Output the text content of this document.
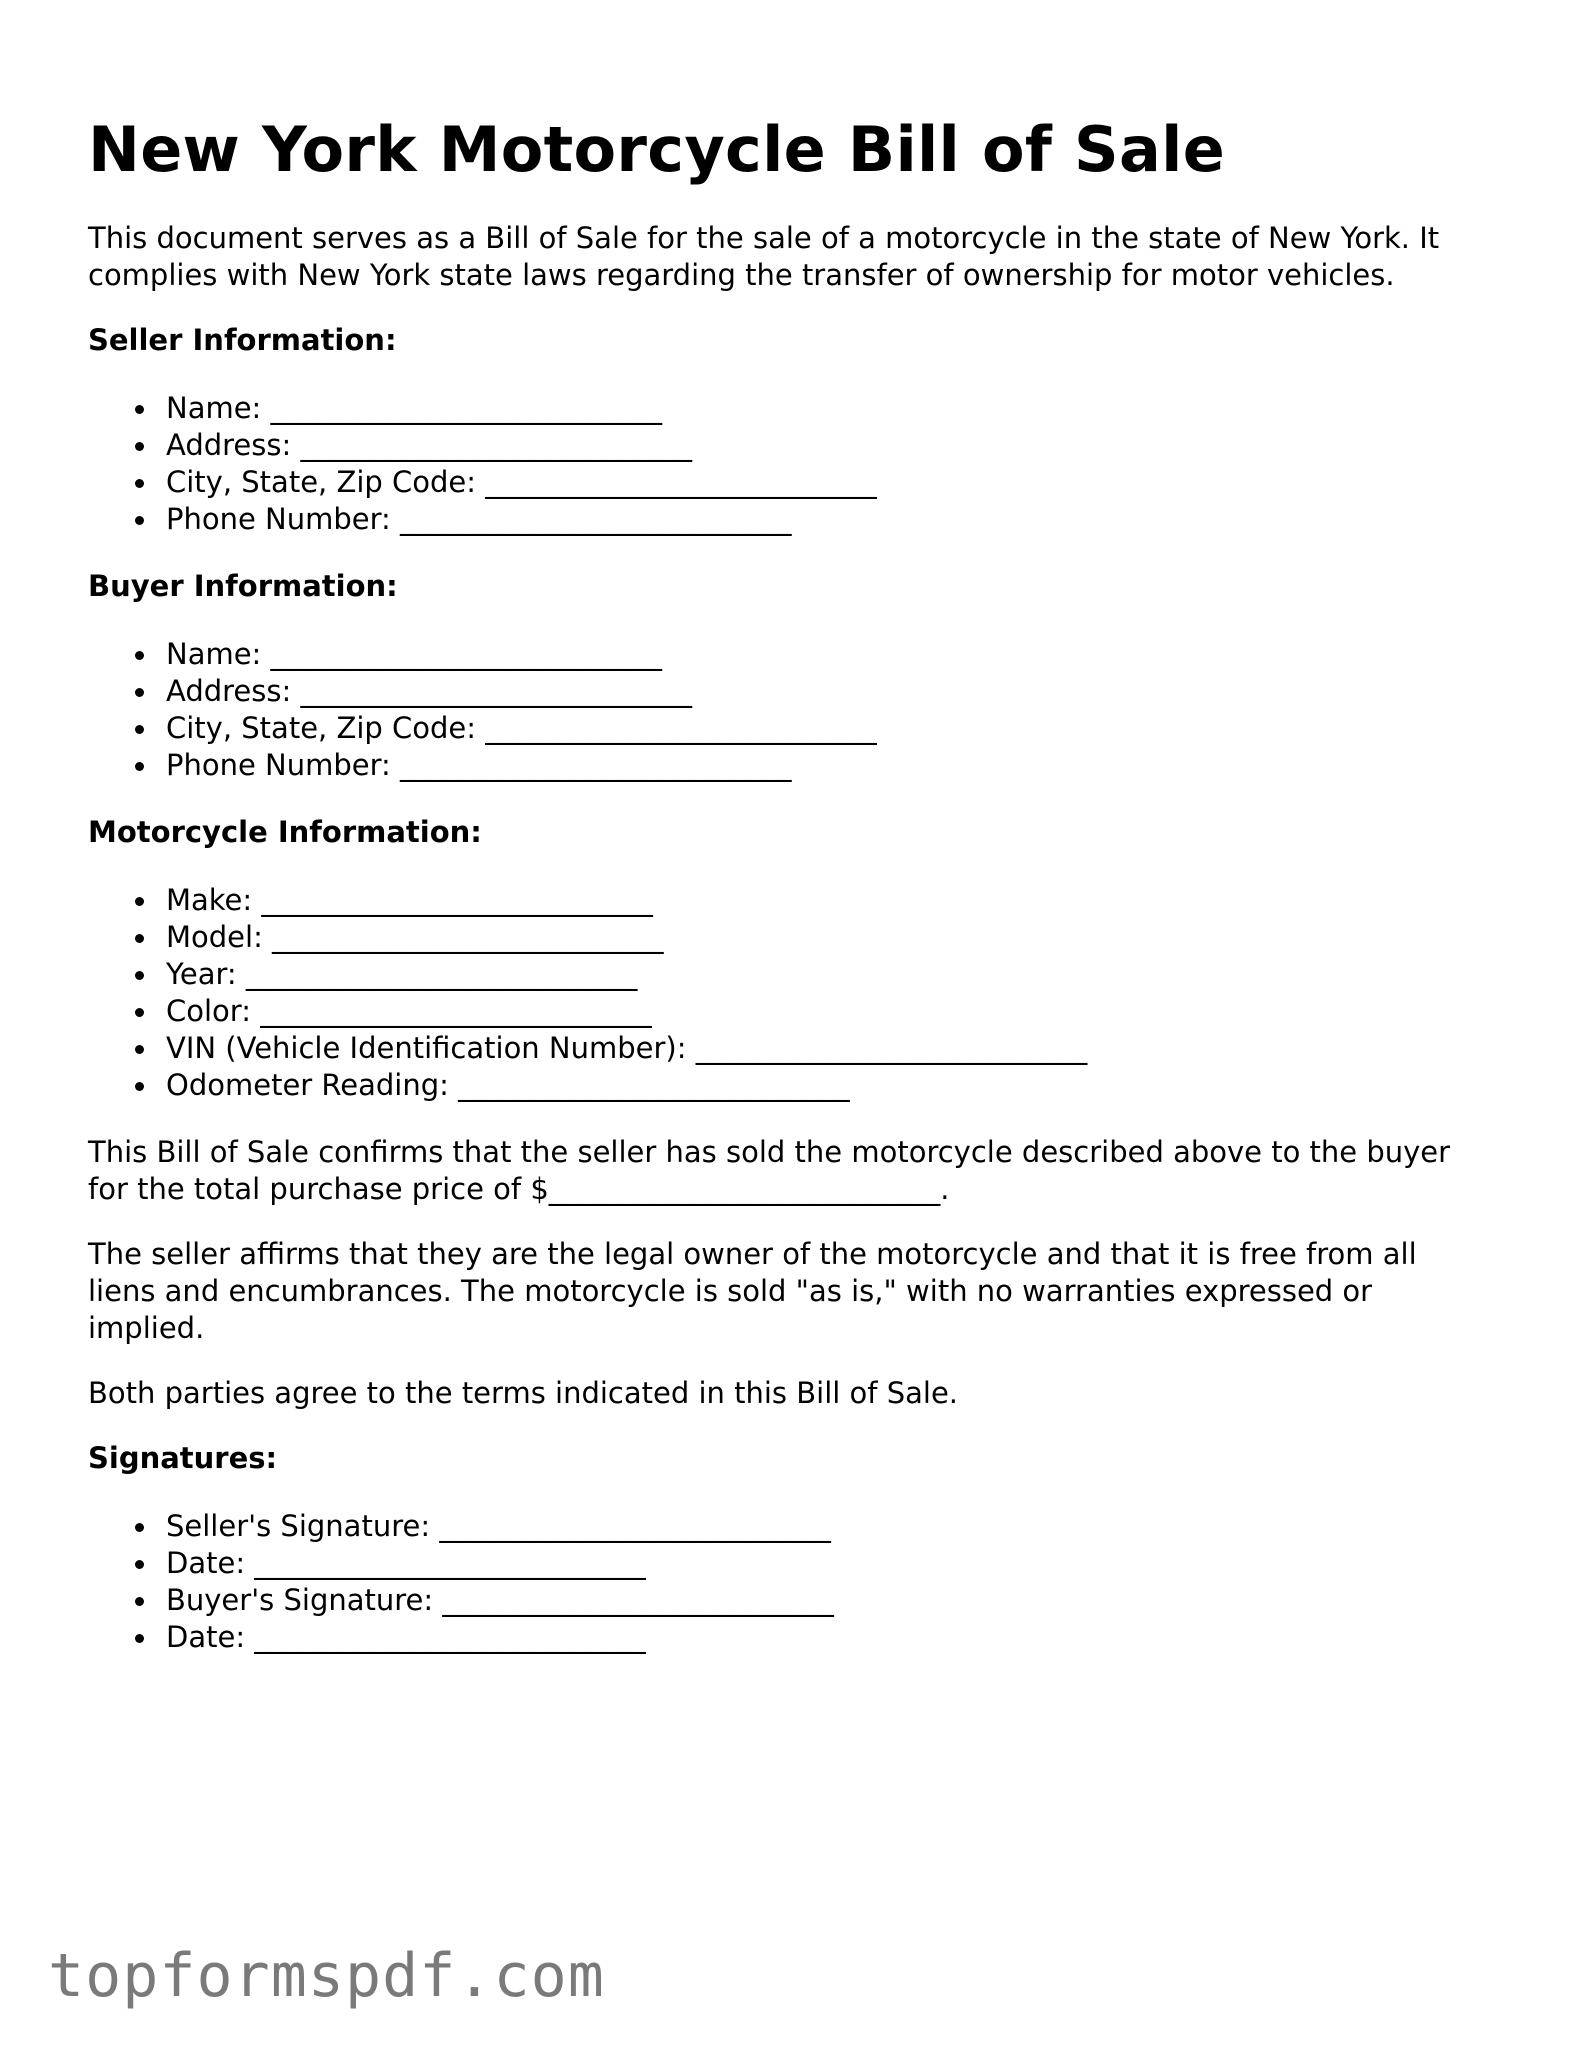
New York Motorcycle Bill of Sale

This document serves as a Bill of Sale for the sale of a motorcycle in the state of New York. It complies with New York state laws regarding the transfer of ownership for motor vehicles.

Seller Information:
Name: ___________________________
Address: ___________________________
City, State, Zip Code: ___________________________
Phone Number: ___________________________
Buyer Information:
Name: ___________________________
Address: ___________________________
City, State, Zip Code: ___________________________
Phone Number: ___________________________
Motorcycle Information:
Make: ___________________________
Model: ___________________________
Year: ___________________________
Color: ___________________________
VIN (Vehicle Identification Number): ___________________________
Odometer Reading: ___________________________

This Bill of Sale confirms that the seller has sold the motorcycle described above to the buyer for the total purchase price of $___________________________.

The seller affirms that they are the legal owner of the motorcycle and that it is free from all liens and encumbrances. The motorcycle is sold "as is," with no warranties expressed or implied.

Both parties agree to the terms indicated in this Bill of Sale.

Signatures:
Seller's Signature: ___________________________
Date: ___________________________
Buyer's Signature: ___________________________
Date: ___________________________
topformspdf.com
